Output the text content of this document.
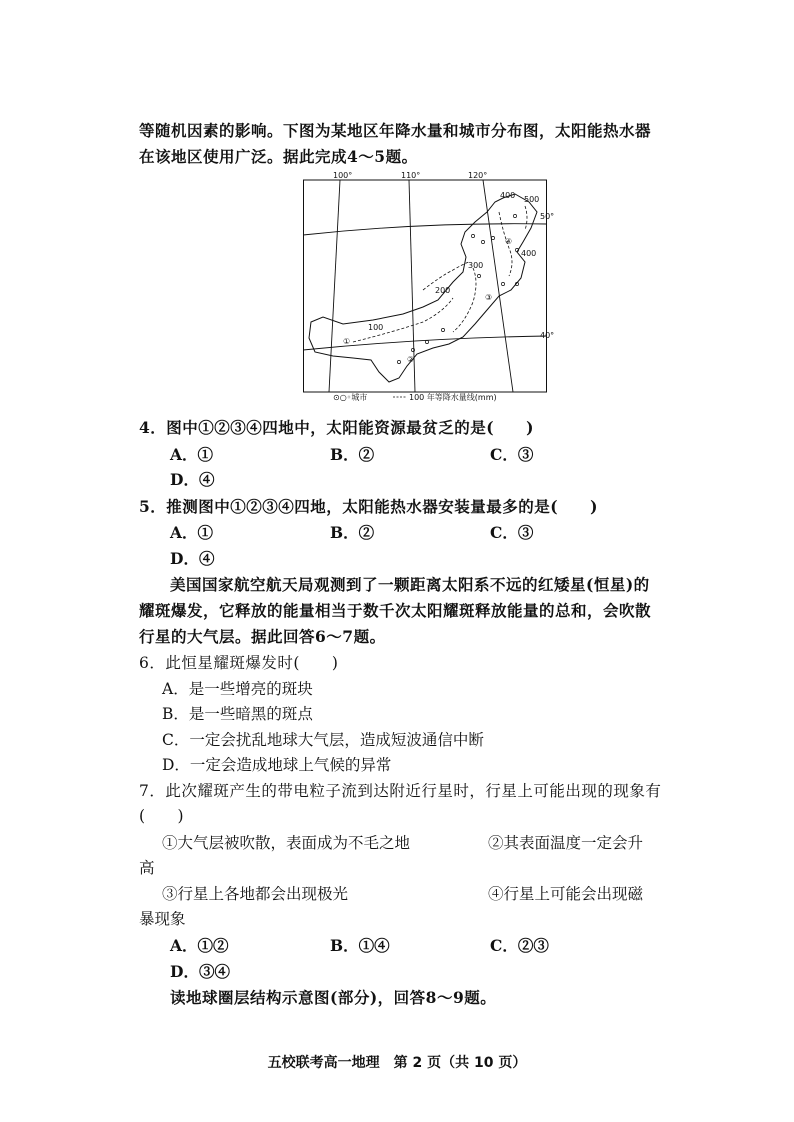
等随机因素的影响。下图为某地区年降水量和城市分布图，太阳能热水器
在该地区使用广泛。据此完成4～5题。
100°	110°	120°
50°
40°
500
400
400
300
200
100
①
②
③
④
⊙○◦城市	100 年等降水量线(mm)
4．图中①②③④四地中，太阳能资源最贫乏的是(　　)
A．①	B．②	C．③
D．④
5．推测图中①②③④四地，太阳能热水器安装量最多的是(　　)
A．①	B．②	C．③
D．④
美国国家航空航天局观测到了一颗距离太阳系不远的红矮星(恒星)的
耀斑爆发，它释放的能量相当于数千次太阳耀斑释放能量的总和，会吹散
行星的大气层。据此回答6～7题。
6．此恒星耀斑爆发时(　　)
A．是一些增亮的斑块
B．是一些暗黑的斑点
C．一定会扰乱地球大气层，造成短波通信中断
D．一定会造成地球上气候的异常
7．此次耀斑产生的带电粒子流到达附近行星时，行星上可能出现的现象有
(　　)
①大气层被吹散，表面成为不毛之地	②其表面温度一定会升
高
③行星上各地都会出现极光	④行星上可能会出现磁
暴现象
A．①②	B．①④	C．②③
D．③④
读地球圈层结构示意图(部分)，回答8～9题。
五校联考高一地理　第 2 页（共 10 页）
